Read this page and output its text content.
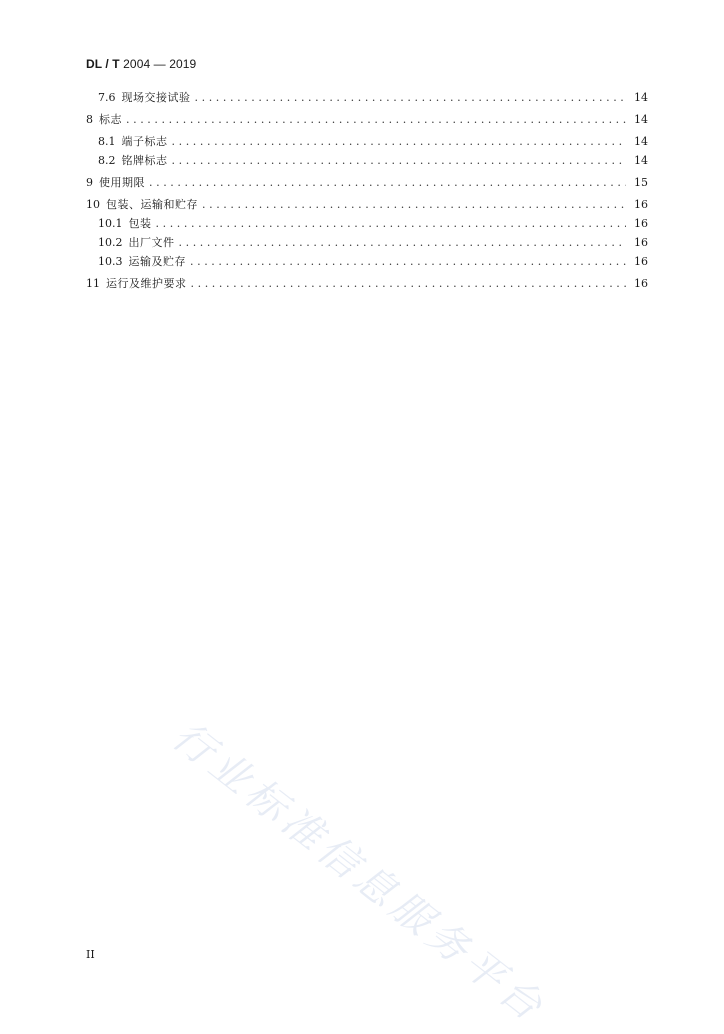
DL / T 2004 — 2019
7.6 现场交接试验 .....	14
8 标志 .....	14
8.1 端子标志 .....	14
8.2 铭牌标志 .....	14
9 使用期限 .....	15
10 包装、运输和贮存 .....	16
10.1 包装 .....	16
10.2 出厂文件 .....	16
10.3 运输及贮存 .....	16
11 运行及维护要求 .....	16
行业标准信息服务平台
II
